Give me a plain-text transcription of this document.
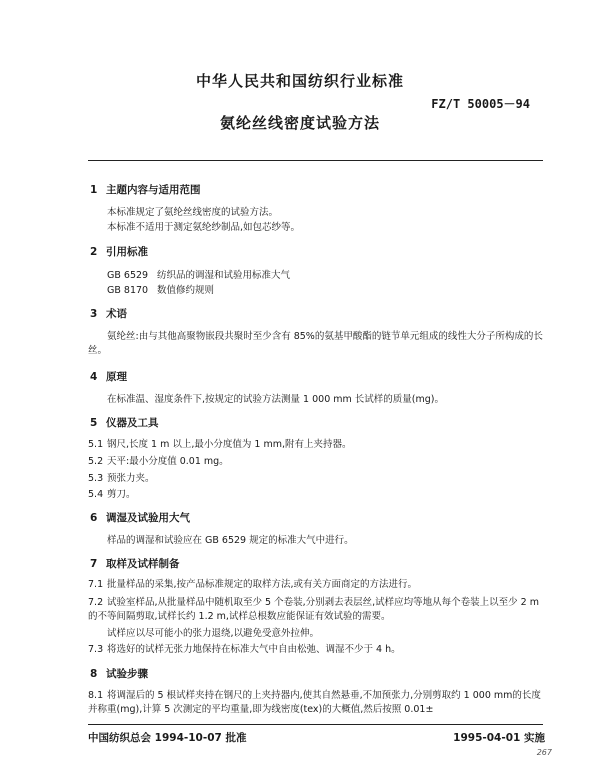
中华人民共和国纺织行业标准
FZ/T 50005－94
氨纶丝线密度试验方法
1 主题内容与适用范围
本标准规定了氨纶丝线密度的试验方法。
本标准不适用于测定氨纶纱制品,如包芯纱等。
2 引用标准
GB 6529 纺织品的调湿和试验用标准大气
GB 8170 数值修约规则
3 术语
氨纶丝:由与其他高聚物嵌段共聚时至少含有 85%的氨基甲酸酯的链节单元组成的线性大分子所构成的长丝。
4 原理
在标准温、湿度条件下,按规定的试验方法测量 1 000 mm 长试样的质量(mg)。
5 仪器及工具
5.1 钢尺,长度 1 m 以上,最小分度值为 1 mm,附有上夹持器。
5.2 天平:最小分度值 0.01 mg。
5.3 预张力夹。
5.4 剪刀。
6 调湿及试验用大气
样品的调湿和试验应在 GB 6529 规定的标准大气中进行。
7 取样及试样制备
7.1 批量样品的采集,按产品标准规定的取样方法,或有关方面商定的方法进行。
7.2 试验室样品,从批量样品中随机取至少 5 个卷装,分别剥去表层丝,试样应均等地从每个卷装上以至少 2 m 的不等间隔剪取,试样长约 1.2 m,试样总根数应能保证有效试验的需要。
试样应以尽可能小的张力退绕,以避免受意外拉伸。
7.3 将选好的试样无张力地保持在标准大气中自由松弛、调湿不少于 4 h。
8 试验步骤
8.1 将调湿后的 5 根试样夹持在钢尺的上夹持器内,使其自然悬垂,不加预张力,分别剪取约 1 000 mm的长度并称重(mg),计算 5 次测定的平均重量,即为线密度(tex)的大概值,然后按照 0.01±
中国纺织总会 1994-10-07 批准	1995-04-01 实施
267
